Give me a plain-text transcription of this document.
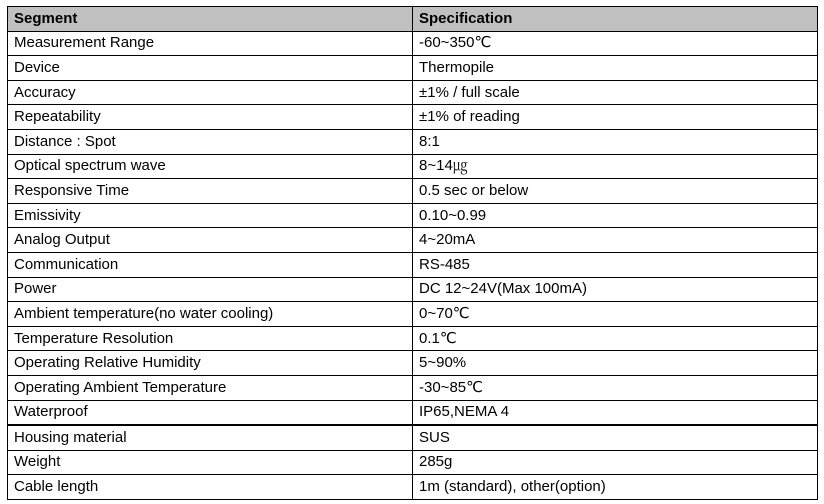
Segment	Specification
Measurement Range	-60~350℃
Device	Thermopile
Accuracy	±1% / full scale
Repeatability	±1% of reading
Distance : Spot	8:1
Optical spectrum wave	8~14㎍
Responsive Time	0.5 sec or below
Emissivity	0.10~0.99
Analog Output	4~20mA
Communication	RS-485
Power	DC 12~24V(Max 100mA)
Ambient temperature(no water cooling)	0~70℃
Temperature Resolution	0.1℃
Operating Relative Humidity	5~90%
Operating Ambient Temperature	-30~85℃
Waterproof	IP65,NEMA 4
Housing material	SUS
Weight	285g
Cable length	1m (standard), other(option)
